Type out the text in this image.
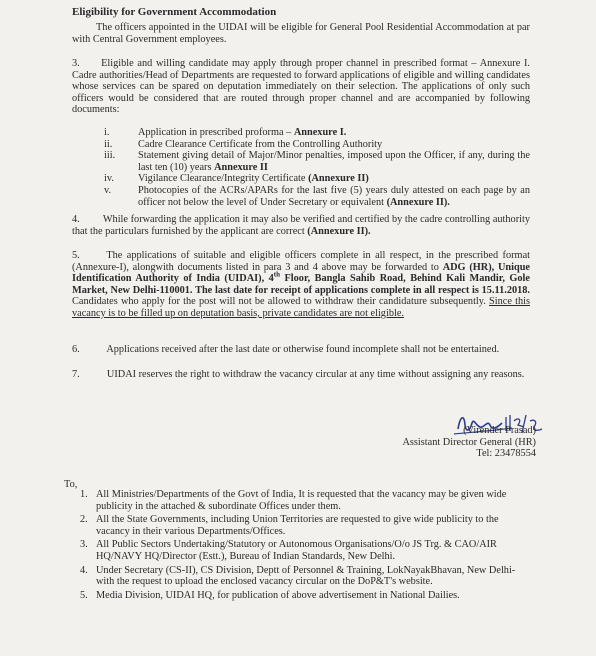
Eligibility for Government Accommodation

The officers appointed in the UIDAI will be eligible for General Pool Residential Accommodation at par with Central Government employees.

3. Eligible and willing candidate may apply through proper channel in prescribed format – Annexure I. Cadre authorities/Head of Departments are requested to forward applications of eligible and willing candidates whose services can be spared on deputation immediately on their selection. The applications of only such officers would be considered that are routed through proper channel and are accompanied by following documents:

i.	Application in prescribed proforma – Annexure I.
ii.	Cadre Clearance Certificate from the Controlling Authority
iii.	Statement giving detail of Major/Minor penalties, imposed upon the Officer, if any, during the last ten (10) years Annexure II
iv.	Vigilance Clearance/Integrity Certificate (Annexure II)
v.	Photocopies of the ACRs/APARs for the last five (5) years duly attested on each page by an officer not below the level of Under Secretary or equivalent (Annexure II).

4. While forwarding the application it may also be verified and certified by the cadre controlling authority that the particulars furnished by the applicant are correct (Annexure II).

5.	The applications of suitable and eligible officers complete in all respect, in the prescribed format (Annexure-I), alongwith documents listed in para 3 and 4 above may be forwarded to ADG (HR), Unique Identification Authority of India (UIDAI), 4th Floor, Bangla Sahib Road, Behind Kali Mandir, Gole Market, New Delhi-110001. The last date for receipt of applications complete in all respect is 15.11.2018. Candidates who apply for the post will not be allowed to withdraw their candidature subsequently. Since this vacancy is to be filled up on deputation basis, private candidates are not eligible.

6.	Applications received after the last date or otherwise found incomplete shall not be entertained.

7.	UIDAI reserves the right to withdraw the vacancy circular at any time without assigning any reasons.

(Virender Prasad)
Assistant Director General (HR)
Tel: 23478554
To,
1. All Ministries/Departments of the Govt of India, It is requested that the vacancy may be given wide publicity in the attached & subordinate Offices under them.
2. All the State Governments, including Union Territories are requested to give wide publicity to the vacancy in their various Departments/Offices.
3. All Public Sectors Undertaking/Statutory or Autonomous Organisations/O/o JS Trg. & CAO/AIR HQ/NAVY HQ/Director (Estt.), Bureau of Indian Standards, New Delhi.
4. Under Secretary (CS-II), CS Division, Deptt of Personnel & Training, LokNayakBhavan, New Delhi- with the request to upload the enclosed vacancy circular on the DoP&T's website.
5. Media Division, UIDAI HQ, for publication of above advertisement in National Dailies.
